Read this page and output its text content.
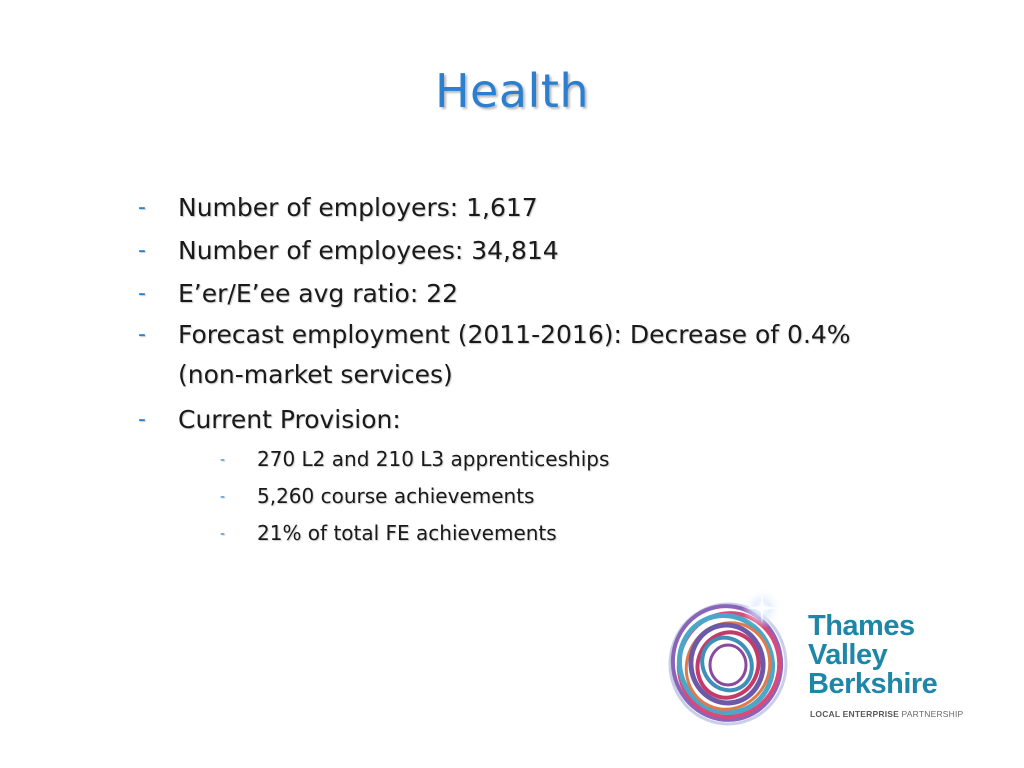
Health
- Number of employers: 1,617
- Number of employees: 34,814
- E’er/E’ee avg ratio: 22
- Forecast employment (2011-2016): Decrease of 0.4% (non-market services)
- Current Provision:
- 270 L2 and 210 L3 apprenticeships
- 5,260 course achievements
- 21% of total FE achievements
Thames
Valley
Berkshire
LOCAL ENTERPRISE PARTNERSHIP
